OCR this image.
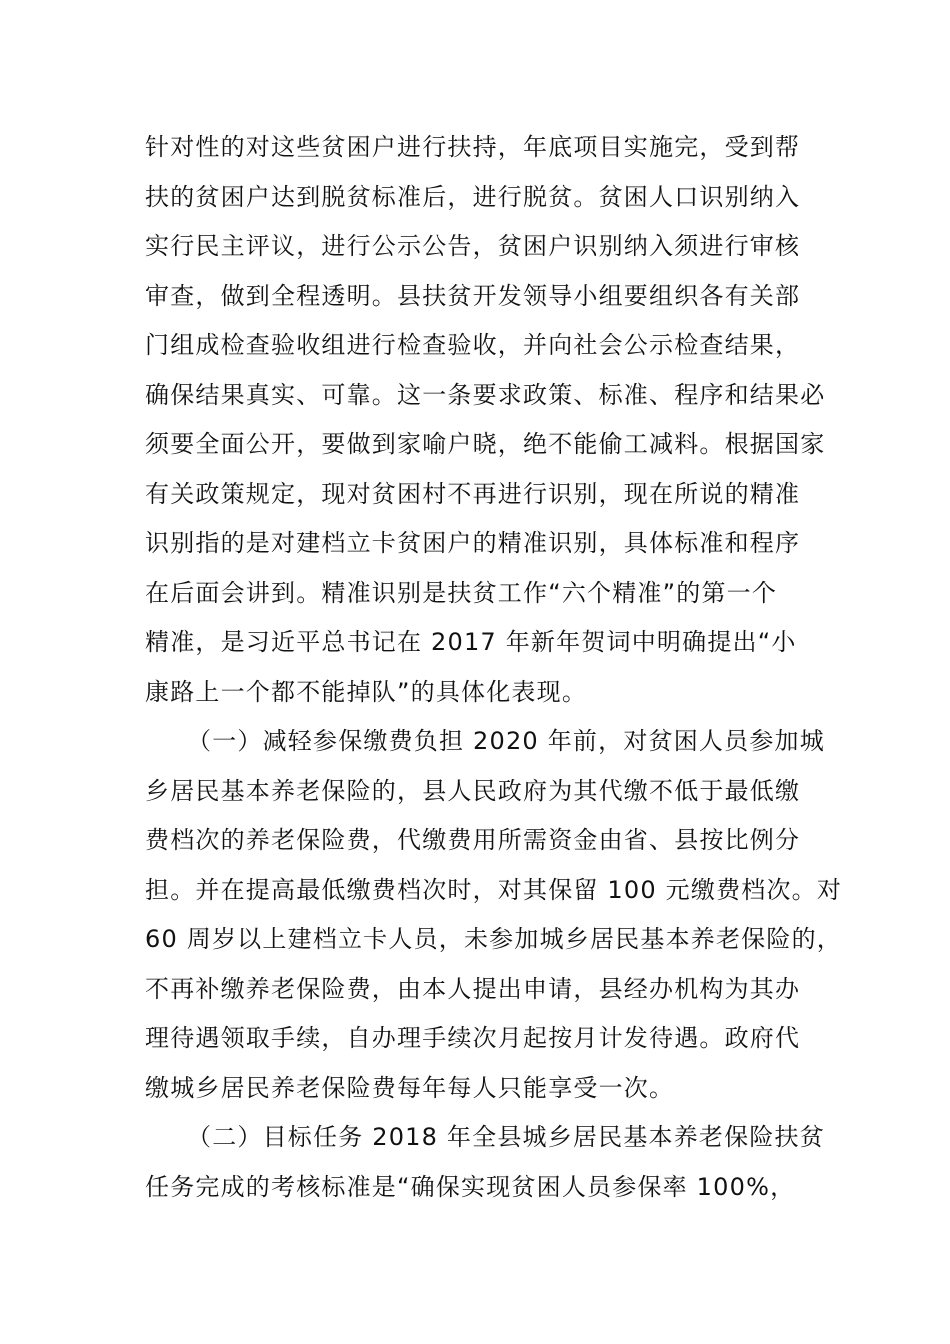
针对性的对这些贫困户进行扶持，年底项目实施完，受到帮
扶的贫困户达到脱贫标准后，进行脱贫。贫困人口识别纳入
实行民主评议，进行公示公告，贫困户识别纳入须进行审核
审查，做到全程透明。县扶贫开发领导小组要组织各有关部
门组成检查验收组进行检查验收，并向社会公示检查结果，
确保结果真实、可靠。这一条要求政策、标准、程序和结果必
须要全面公开，要做到家喻户晓，绝不能偷工减料。根据国家
有关政策规定，现对贫困村不再进行识别，现在所说的精准
识别指的是对建档立卡贫困户的精准识别，具体标准和程序
在后面会讲到。精准识别是扶贫工作“六个精准”的第一个
精准，是习近平总书记在 2017 年新年贺词中明确提出“小
康路上一个都不能掉队”的具体化表现。
（一）减轻参保缴费负担 2020 年前，对贫困人员参加城
乡居民基本养老保险的，县人民政府为其代缴不低于最低缴
费档次的养老保险费，代缴费用所需资金由省、县按比例分
担。并在提高最低缴费档次时，对其保留 100 元缴费档次。对
60 周岁以上建档立卡人员，未参加城乡居民基本养老保险的，
不再补缴养老保险费，由本人提出申请，县经办机构为其办
理待遇领取手续，自办理手续次月起按月计发待遇。政府代
缴城乡居民养老保险费每年每人只能享受一次。
（二）目标任务 2018 年全县城乡居民基本养老保险扶贫
任务完成的考核标准是“确保实现贫困人员参保率 100%，
